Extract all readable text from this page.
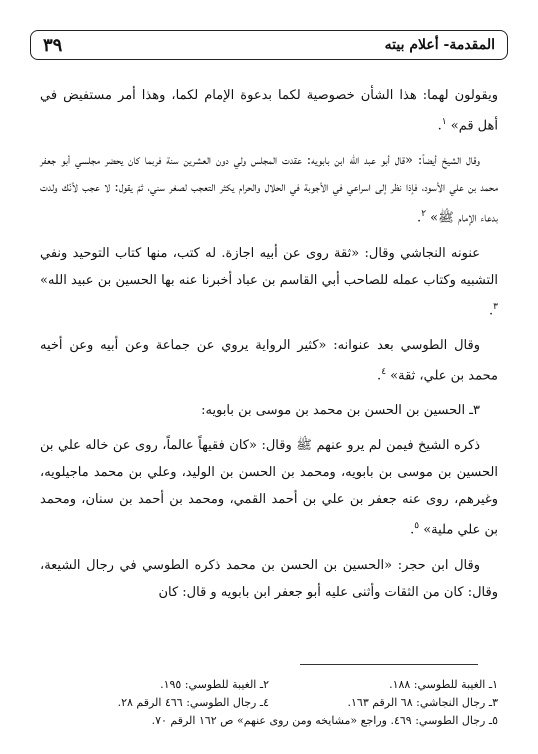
٣٩	المقدمة- أعلام بيته

ويقولون لهما: هذا الشأن خصوصية لكما بدعوة الإمام لكما، وهذا أمر مستفيض في أهل قم» $^١$.

وقال الشيخ أيضاً: «قال أبو عبد الله ابن بابويه: عقدت المجلس ولي دون العشرين سنة فربما كان يحضر مجلسي أبو جعفر محمد بن علي الأسود، فإذا نظر إلى اسراعي في الأجوبة في الحلال والحرام يكثر التعجب لصغر سني، ثمّ يقول: لا عجب لأنّك ولدت بدعاء الإمام ﷺ» $^٢$.

عنونه النجاشي وقال: «ثقة روى عن أبيه اجازة. له كتب، منها كتاب التوحيد ونفي التشبيه وكتاب عمله للصاحب أبي القاسم بن عباد أخبرنا عنه بها الحسين بن عبيد الله» $^٣$.

وقال الطوسي بعد عنوانه: «كثير الرواية يروي عن جماعة وعن أبيه وعن أخيه محمد بن علي، ثقة» $^٤$.

٣ـ الحسين بن الحسن بن محمد بن موسى بن بابويه:

ذكره الشيخ فيمن لم يرو عنهم ﷺ وقال: «كان فقيهاً عالماً، روى عن خاله علي بن الحسين بن موسى بن بابويه، ومحمد بن الحسن بن الوليد، وعلي بن محمد ماجيلويه، وغيرهم، روى عنه جعفر بن علي بن أحمد القمي، ومحمد بن أحمد بن سنان، ومحمد بن علي ملية» $^٥$.

وقال ابن حجر: «الحسين بن الحسن بن محمد ذكره الطوسي في رجال الشيعة، وقال: كان من الثقات وأثنى عليه أبو جعفر ابن بابويه و قال: كان

١ـ الغيبة للطوسي: ١٨٨.
٢ـ الغيبة للطوسي: ١٩٥.
٣ـ رجال النجاشي: ٦٨ الرقم ١٦٣.
٤ـ رجال الطوسي: ٤٦٦ الرقم ٢٨.
٥ـ رجال الطوسي: ٤٦٩. وراجع «مشايخه ومن روى عنهم» ص ١٦٢ الرقم ٧٠.
